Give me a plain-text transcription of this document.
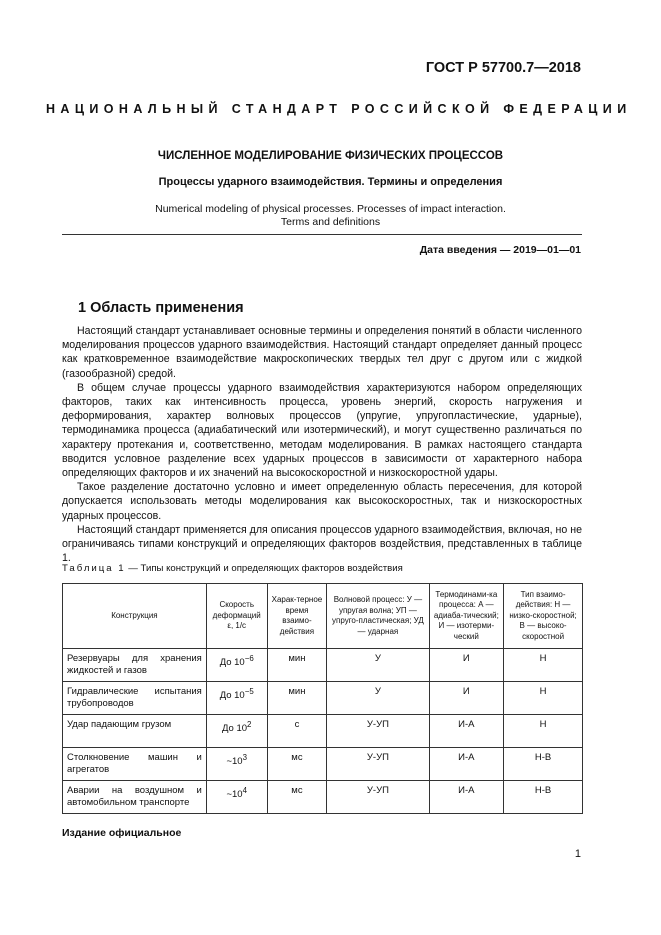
ГОСТ Р 57700.7—2018
НАЦИОНАЛЬНЫЙ СТАНДАРТ РОССИЙСКОЙ ФЕДЕРАЦИИ
ЧИСЛЕННОЕ МОДЕЛИРОВАНИЕ ФИЗИЧЕСКИХ ПРОЦЕССОВ
Процессы ударного взаимодействия. Термины и определения
Numerical modeling of physical processes. Processes of impact interaction.
Terms and definitions
Дата введения — 2019—01—01
1 Область применения

Настоящий стандарт устанавливает основные термины и определения понятий в области численного моделирования процессов ударного взаимодействия. Настоящий стандарт определяет данный процесс как кратковременное взаимодействие макроскопических твердых тел друг с другом или с жидкой (газообразной) средой.

В общем случае процессы ударного взаимодействия характеризуются набором определяющих факторов, таких как интенсивность процесса, уровень энергий, скорость нагружения и деформирования, характер волновых процессов (упругие, упругопластические, ударные), термодинамика процесса (адиабатический или изотермический), и могут существенно различаться по характеру протекания и, соответственно, методам моделирования. В рамках настоящего стандарта вводится условное разделение всех ударных процессов в зависимости от характерного набора определяющих факторов и их значений на высокоскоростной и низкоскоростной удары.

Такое разделение достаточно условно и имеет определенную область пересечения, для которой допускается использовать методы моделирования как высокоскоростных, так и низкоскоростных ударных процессов.

Настоящий стандарт применяется для описания процессов ударного взаимодействия, включая, но не ограничиваясь типами конструкций и определяющих факторов воздействия, представленных в таблице 1.

Таблица 1 — Типы конструкций и определяющих факторов воздействия
Конструкция	Скорость деформаций ε, 1/с	Харак-терное время взаимо-действия	Волновой процесс: У — упругая волна; УП — упруго-пластическая; УД — ударная	Термодинами-ка процесса: А — адиаба-тический; И — изотерми-ческий	Тип взаимо-действия: Н — низко-скоростной; В — высоко-скоростной
Резервуары для хранения жидкостей и газов	До $10^{-6}$	мин	У	И	Н
Гидравлические испытания трубопроводов	До $10^{-5}$	мин	У	И	Н
Удар падающим грузом	До $10^2$	с	У-УП	И-А	Н
Столкновение машин и агрегатов	$\sim 10^3$	мс	У-УП	И-А	Н-В
Аварии на воздушном и автомобильном транспорте	$\sim 10^4$	мс	У-УП	И-А	Н-В
Издание официальное
1
